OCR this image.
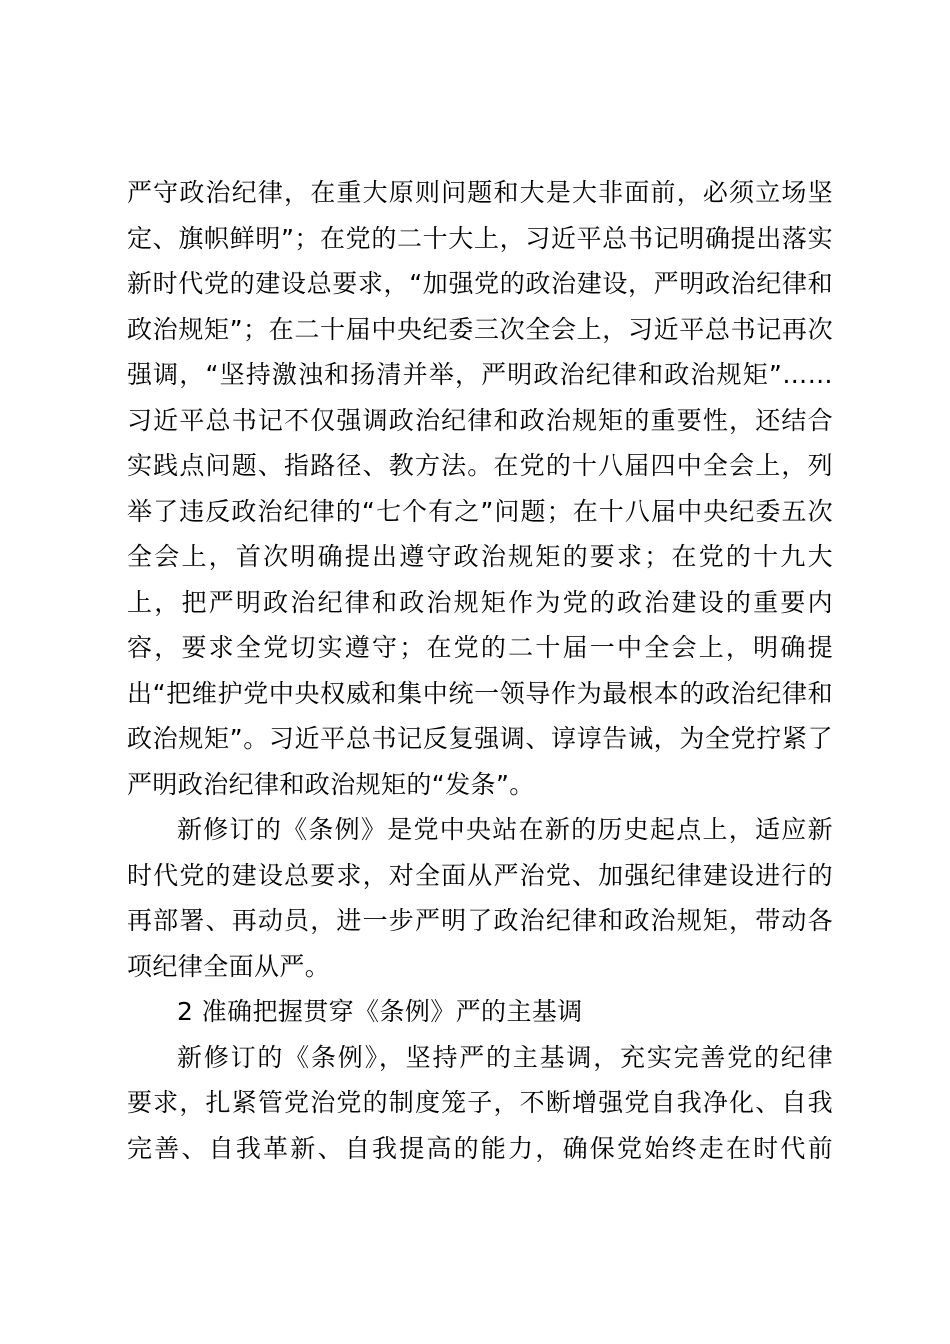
严守政治纪律，在重大原则问题和大是大非面前，必须立场坚
定、旗帜鲜明”；在党的二十大上，习近平总书记明确提出落实
新时代党的建设总要求，“加强党的政治建设，严明政治纪律和
政治规矩”；在二十届中央纪委三次全会上，习近平总书记再次
强调，“坚持激浊和扬清并举，严明政治纪律和政治规矩”……
习近平总书记不仅强调政治纪律和政治规矩的重要性，还结合
实践点问题、指路径、教方法。在党的十八届四中全会上，列
举了违反政治纪律的“七个有之”问题；在十八届中央纪委五次
全会上，首次明确提出遵守政治规矩的要求；在党的十九大
上，把严明政治纪律和政治规矩作为党的政治建设的重要内
容，要求全党切实遵守；在党的二十届一中全会上，明确提
出“把维护党中央权威和集中统一领导作为最根本的政治纪律和
政治规矩”。习近平总书记反复强调、谆谆告诫，为全党拧紧了
严明政治纪律和政治规矩的“发条”。
新修订的《条例》是党中央站在新的历史起点上，适应新
时代党的建设总要求，对全面从严治党、加强纪律建设进行的
再部署、再动员，进一步严明了政治纪律和政治规矩，带动各
项纪律全面从严。
2 准确把握贯穿《条例》严的主基调
新修订的《条例》，坚持严的主基调，充实完善党的纪律
要求，扎紧管党治党的制度笼子，不断增强党自我净化、自我
完善、自我革新、自我提高的能力，确保党始终走在时代前
